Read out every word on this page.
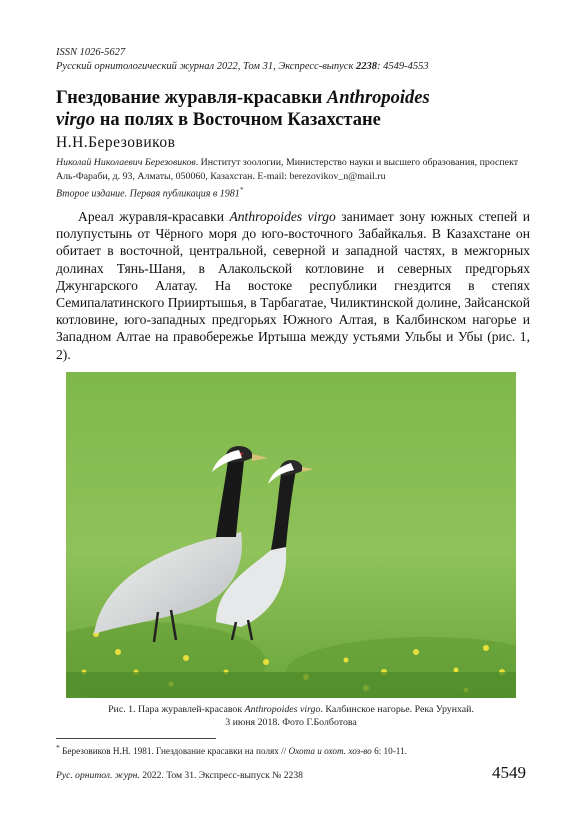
ISSN 1026-5627
Русский орнитологический журнал 2022, Том 31, Экспресс-выпуск 2238: 4549-4553
Гнездование журавля-красавки Anthropoides
virgo на полях в Восточном Казахстане
Н.Н.Березовиков
Николай Николаевич Березовиков. Институт зоологии, Министерство науки и высшего образования, проспект Аль-Фараби, д. 93, Алматы, 050060, Казахстан. E-mail: berezovikov_n@mail.ru
Второе издание. Первая публикация в 1981*
Ареал журавля-красавки Anthropoides virgo занимает зону южных степей и полупустынь от Чёрного моря до юго-восточного Забайкалья. В Казахстане он обитает в восточной, центральной, северной и западной частях, в межгорных долинах Тянь-Шаня, в Алакольской котловине и северных предгорьях Джунгарского Алатау. На востоке республики гнездится в степях Семипалатинского Прииртышья, в Тарбагатае, Чиликтинской долине, Зайсанской котловине, юго-западных предгорьях Южного Алтая, в Калбинском нагорье и Западном Алтае на правобережье Иртыша между устьями Ульбы и Убы (рис. 1, 2).
Рис. 1. Пара журавлей-красавок Anthropoides virgo. Калбинское нагорье. Река Урунхай.
3 июня 2018. Фото Г.Болботова
* Березовиков Н.Н. 1981. Гнездование красавки на полях // Охота и охот. хоз-во 6: 10-11.
Рус. орнитол. журн. 2022. Том 31. Экспресс-выпуск № 2238	4549
